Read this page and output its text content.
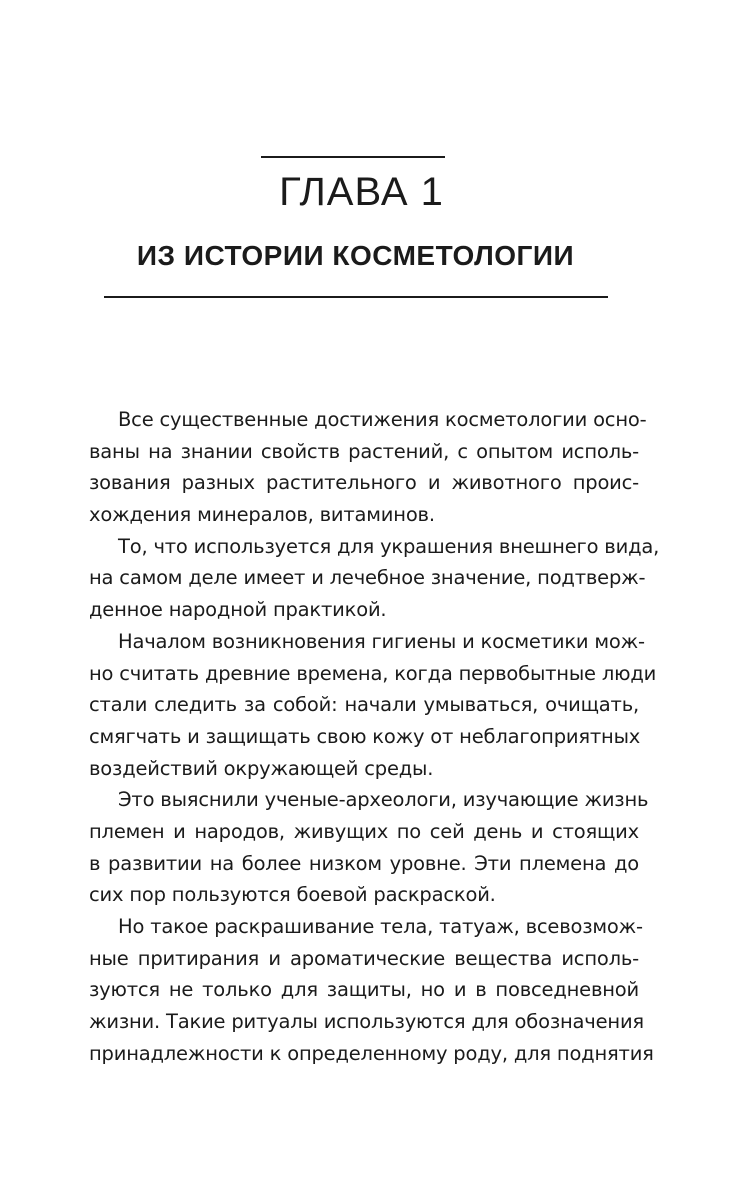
ГЛАВА 1
ИЗ ИСТОРИИ КОСМЕТОЛОГИИ
Все существенные достижения косметологии осно-
ваны на знании свойств растений, с опытом исполь-
зования разных растительного и животного проис-
хождения минералов, витаминов.
То, что используется для украшения внешнего вида,
на самом деле имеет и лечебное значение, подтверж-
денное народной практикой.
Началом возникновения гигиены и косметики мож-
но считать древние времена, когда первобытные люди
стали следить за собой: начали умываться, очищать,
смягчать и защищать свою кожу от неблагоприятных
воздействий окружающей среды.
Это выяснили ученые-археологи, изучающие жизнь
племен и народов, живущих по сей день и стоящих
в развитии на более низком уровне. Эти племена до
сих пор пользуются боевой раскраской.
Но такое раскрашивание тела, татуаж, всевозмож-
ные притирания и ароматические вещества исполь-
зуются не только для защиты, но и в повседневной
жизни. Такие ритуалы используются для обозначения
принадлежности к определенному роду, для поднятия
